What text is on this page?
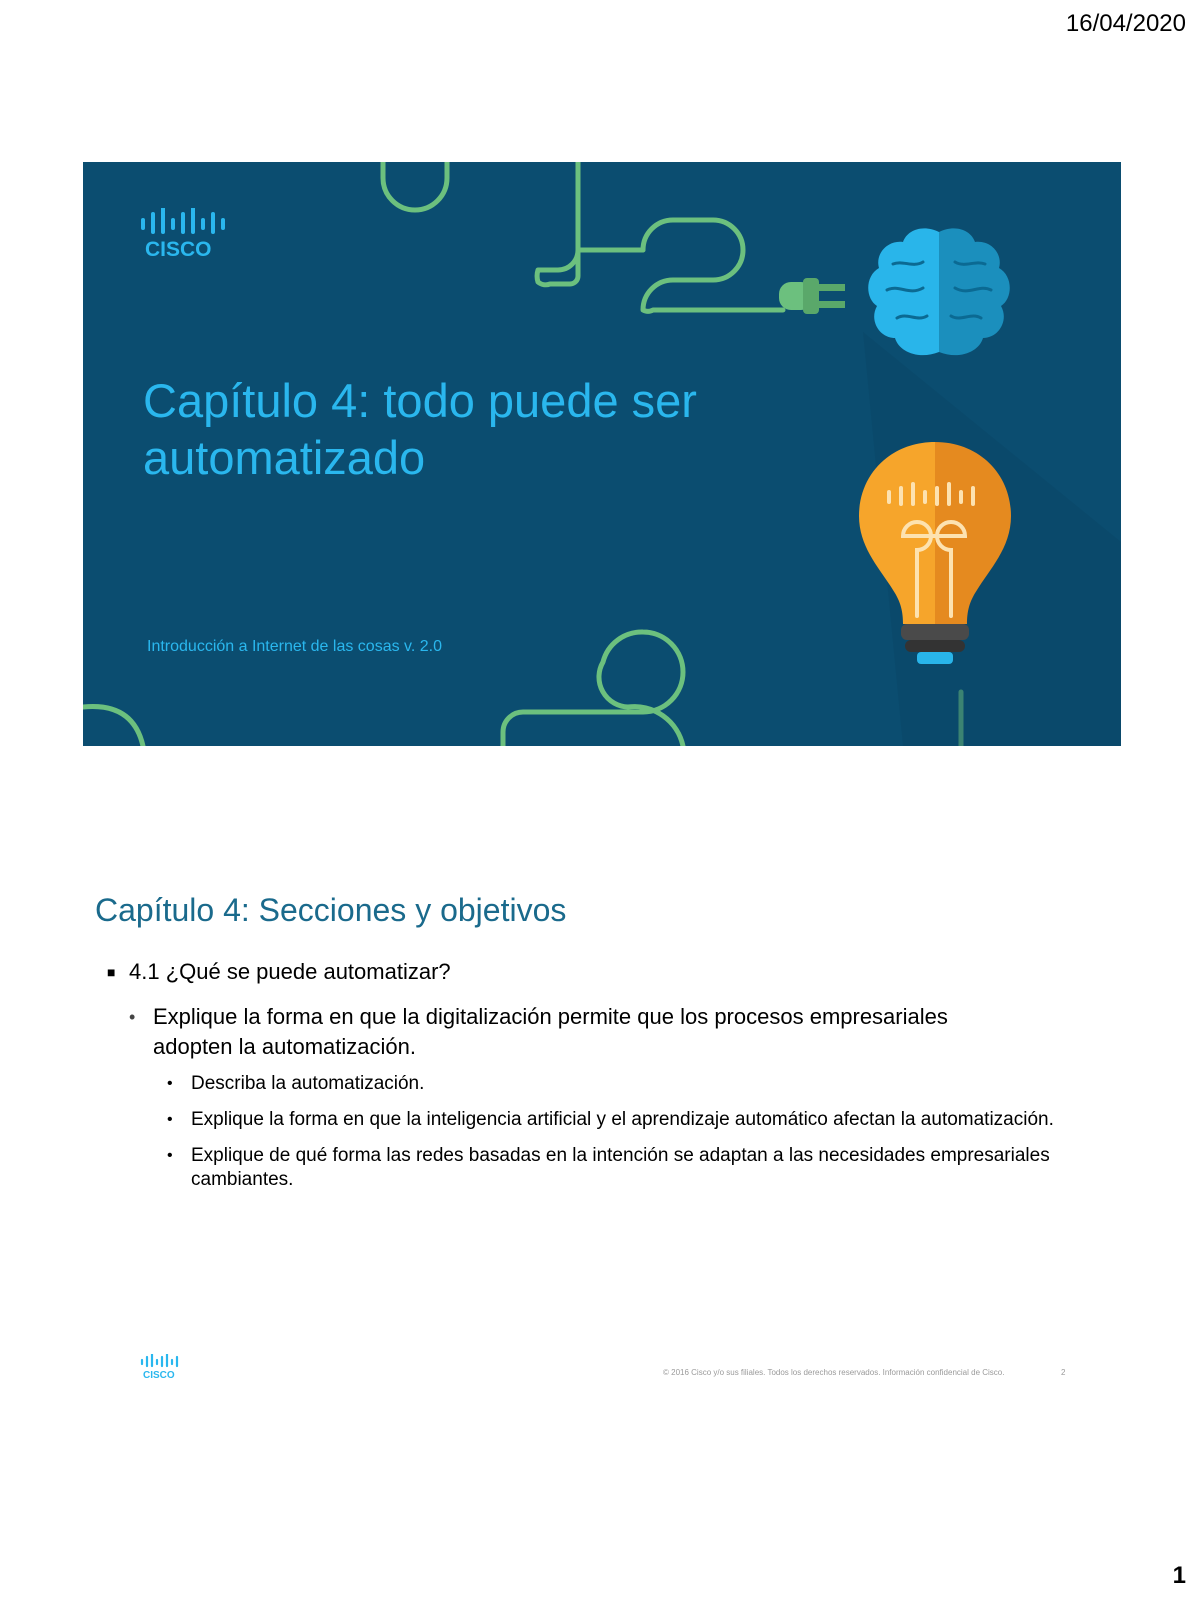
16/04/2020
CISCO
Capítulo 4: todo puede ser automatizado
Introducción a Internet de las cosas v. 2.0
Capítulo 4: Secciones y objetivos
■ 4.1 ¿Qué se puede automatizar?
• Explique la forma en que la digitalización permite que los procesos empresariales adopten la automatización.
• Describa la automatización.
• Explique la forma en que la inteligencia artificial y el aprendizaje automático afectan la automatización.
• Explique de qué forma las redes basadas en la intención se adaptan a las necesidades empresariales cambiantes.
CISCO	© 2016 Cisco y/o sus filiales. Todos los derechos reservados. Información confidencial de Cisco.	2
1
